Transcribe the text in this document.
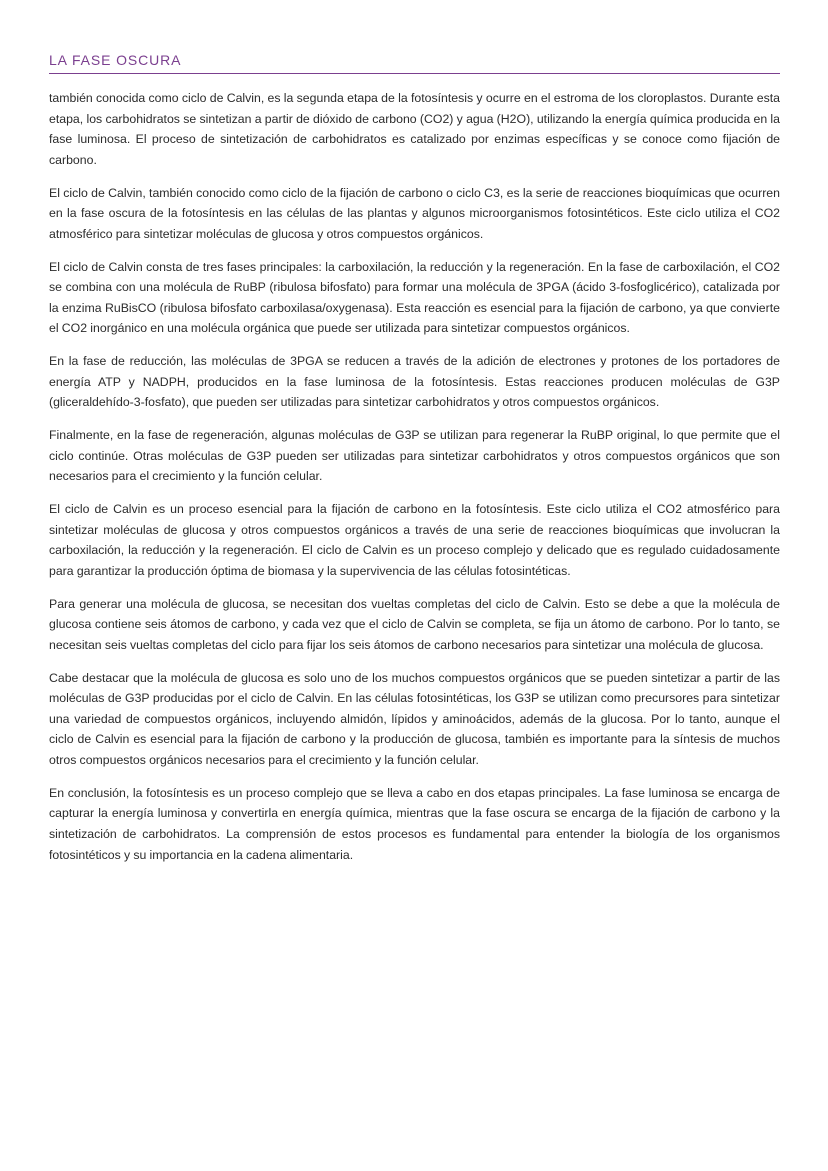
LA FASE OSCURA

también conocida como ciclo de Calvin, es la segunda etapa de la fotosíntesis y ocurre en el estroma de los cloroplastos. Durante esta etapa, los carbohidratos se sintetizan a partir de dióxido de carbono (CO2) y agua (H2O), utilizando la energía química producida en la fase luminosa. El proceso de sintetización de carbohidratos es catalizado por enzimas específicas y se conoce como fijación de carbono.

El ciclo de Calvin, también conocido como ciclo de la fijación de carbono o ciclo C3, es la serie de reacciones bioquímicas que ocurren en la fase oscura de la fotosíntesis en las células de las plantas y algunos microorganismos fotosintéticos. Este ciclo utiliza el CO2 atmosférico para sintetizar moléculas de glucosa y otros compuestos orgánicos.

El ciclo de Calvin consta de tres fases principales: la carboxilación, la reducción y la regeneración. En la fase de carboxilación, el CO2 se combina con una molécula de RuBP (ribulosa bifosfato) para formar una molécula de 3PGA (ácido 3-fosfoglicérico), catalizada por la enzima RuBisCO (ribulosa bifosfato carboxilasa/oxygenasa). Esta reacción es esencial para la fijación de carbono, ya que convierte el CO2 inorgánico en una molécula orgánica que puede ser utilizada para sintetizar compuestos orgánicos.

En la fase de reducción, las moléculas de 3PGA se reducen a través de la adición de electrones y protones de los portadores de energía ATP y NADPH, producidos en la fase luminosa de la fotosíntesis. Estas reacciones producen moléculas de G3P (gliceraldehído-3-fosfato), que pueden ser utilizadas para sintetizar carbohidratos y otros compuestos orgánicos.

Finalmente, en la fase de regeneración, algunas moléculas de G3P se utilizan para regenerar la RuBP original, lo que permite que el ciclo continúe. Otras moléculas de G3P pueden ser utilizadas para sintetizar carbohidratos y otros compuestos orgánicos que son necesarios para el crecimiento y la función celular.

El ciclo de Calvin es un proceso esencial para la fijación de carbono en la fotosíntesis. Este ciclo utiliza el CO2 atmosférico para sintetizar moléculas de glucosa y otros compuestos orgánicos a través de una serie de reacciones bioquímicas que involucran la carboxilación, la reducción y la regeneración. El ciclo de Calvin es un proceso complejo y delicado que es regulado cuidadosamente para garantizar la producción óptima de biomasa y la supervivencia de las células fotosintéticas.

Para generar una molécula de glucosa, se necesitan dos vueltas completas del ciclo de Calvin. Esto se debe a que la molécula de glucosa contiene seis átomos de carbono, y cada vez que el ciclo de Calvin se completa, se fija un átomo de carbono. Por lo tanto, se necesitan seis vueltas completas del ciclo para fijar los seis átomos de carbono necesarios para sintetizar una molécula de glucosa.

Cabe destacar que la molécula de glucosa es solo uno de los muchos compuestos orgánicos que se pueden sintetizar a partir de las moléculas de G3P producidas por el ciclo de Calvin. En las células fotosintéticas, los G3P se utilizan como precursores para sintetizar una variedad de compuestos orgánicos, incluyendo almidón, lípidos y aminoácidos, además de la glucosa. Por lo tanto, aunque el ciclo de Calvin es esencial para la fijación de carbono y la producción de glucosa, también es importante para la síntesis de muchos otros compuestos orgánicos necesarios para el crecimiento y la función celular.

En conclusión, la fotosíntesis es un proceso complejo que se lleva a cabo en dos etapas principales. La fase luminosa se encarga de capturar la energía luminosa y convertirla en energía química, mientras que la fase oscura se encarga de la fijación de carbono y la sintetización de carbohidratos. La comprensión de estos procesos es fundamental para entender la biología de los organismos fotosintéticos y su importancia en la cadena alimentaria.
